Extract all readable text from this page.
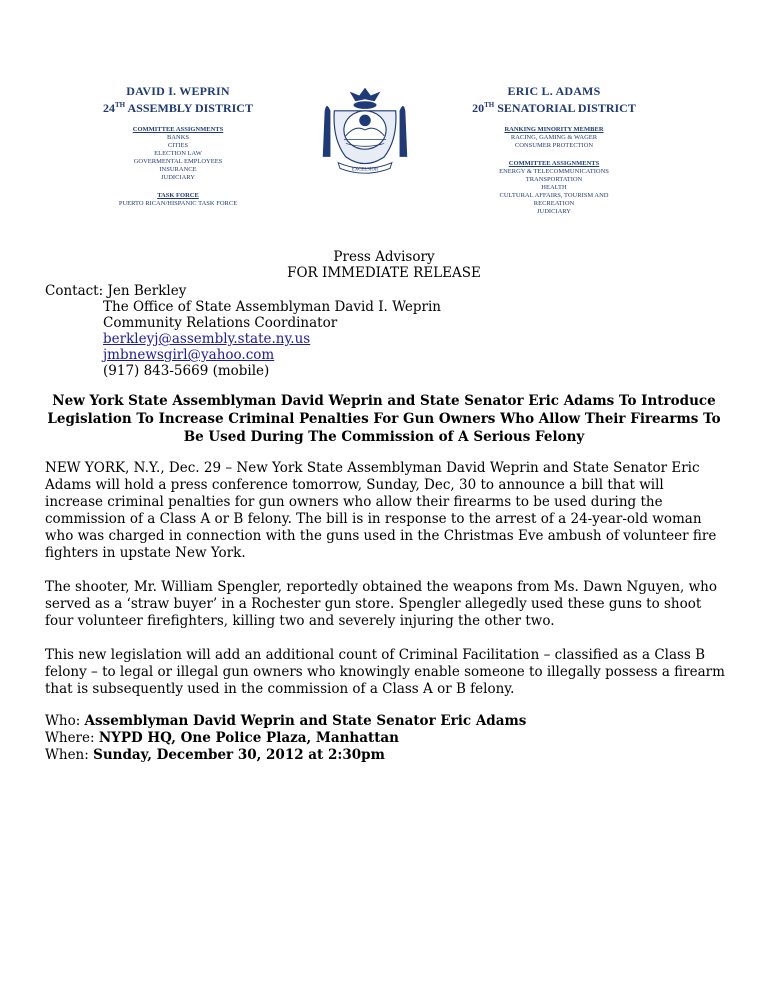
DAVID I. WEPRIN
24TH ASSEMBLY DISTRICT
COMMITTEE ASSIGNMENTS
BANKS
CITIES
ELECTION LAW
GOVERMENTAL EMPLOYEES
INSURANCE
JUDICIARY
TASK FORCE
PUERTO RICAN/HISPANIC TASK FORCE
EXCELSIOR
ERIC L. ADAMS
20TH SENATORIAL DISTRICT
RANKING MINORITY MEMBER
RACING, GAMING & WAGER
CONSUMER PROTECTION
COMMITTEE ASSIGNMENTS
ENERGY & TELECOMMUNICATIONS
TRANSPORTATION
HEALTH
CULTURAL AFFAIRS, TOURISM AND
RECREATION
JUDICIARY
Press Advisory
FOR IMMEDIATE RELEASE
Contact: Jen Berkley
The Office of State Assemblyman David I. Weprin
Community Relations Coordinator
berkleyj@assembly.state.ny.us
jmbnewsgirl@yahoo.com
(917) 843-5669 (mobile)
New York State Assemblyman David Weprin and State Senator Eric Adams To Introduce Legislation To Increase Criminal Penalties For Gun Owners Who Allow Their Firearms To Be Used During The Commission of A Serious Felony

NEW YORK, N.Y., Dec. 29 – New York State Assemblyman David Weprin and State Senator Eric Adams will hold a press conference tomorrow, Sunday, Dec, 30 to announce a bill that will increase criminal penalties for gun owners who allow their firearms to be used during the commission of a Class A or B felony. The bill is in response to the arrest of a 24-year-old woman who was charged in connection with the guns used in the Christmas Eve ambush of volunteer fire fighters in upstate New York.

The shooter, Mr. William Spengler, reportedly obtained the weapons from Ms. Dawn Nguyen, who served as a ‘straw buyer’ in a Rochester gun store. Spengler allegedly used these guns to shoot four volunteer firefighters, killing two and severely injuring the other two.

This new legislation will add an additional count of Criminal Facilitation – classified as a Class B felony – to legal or illegal gun owners who knowingly enable someone to illegally possess a firearm that is subsequently used in the commission of a Class A or B felony.

Who: Assemblyman David Weprin and State Senator Eric Adams
Where: NYPD HQ, One Police Plaza, Manhattan
When: Sunday, December 30, 2012 at 2:30pm
